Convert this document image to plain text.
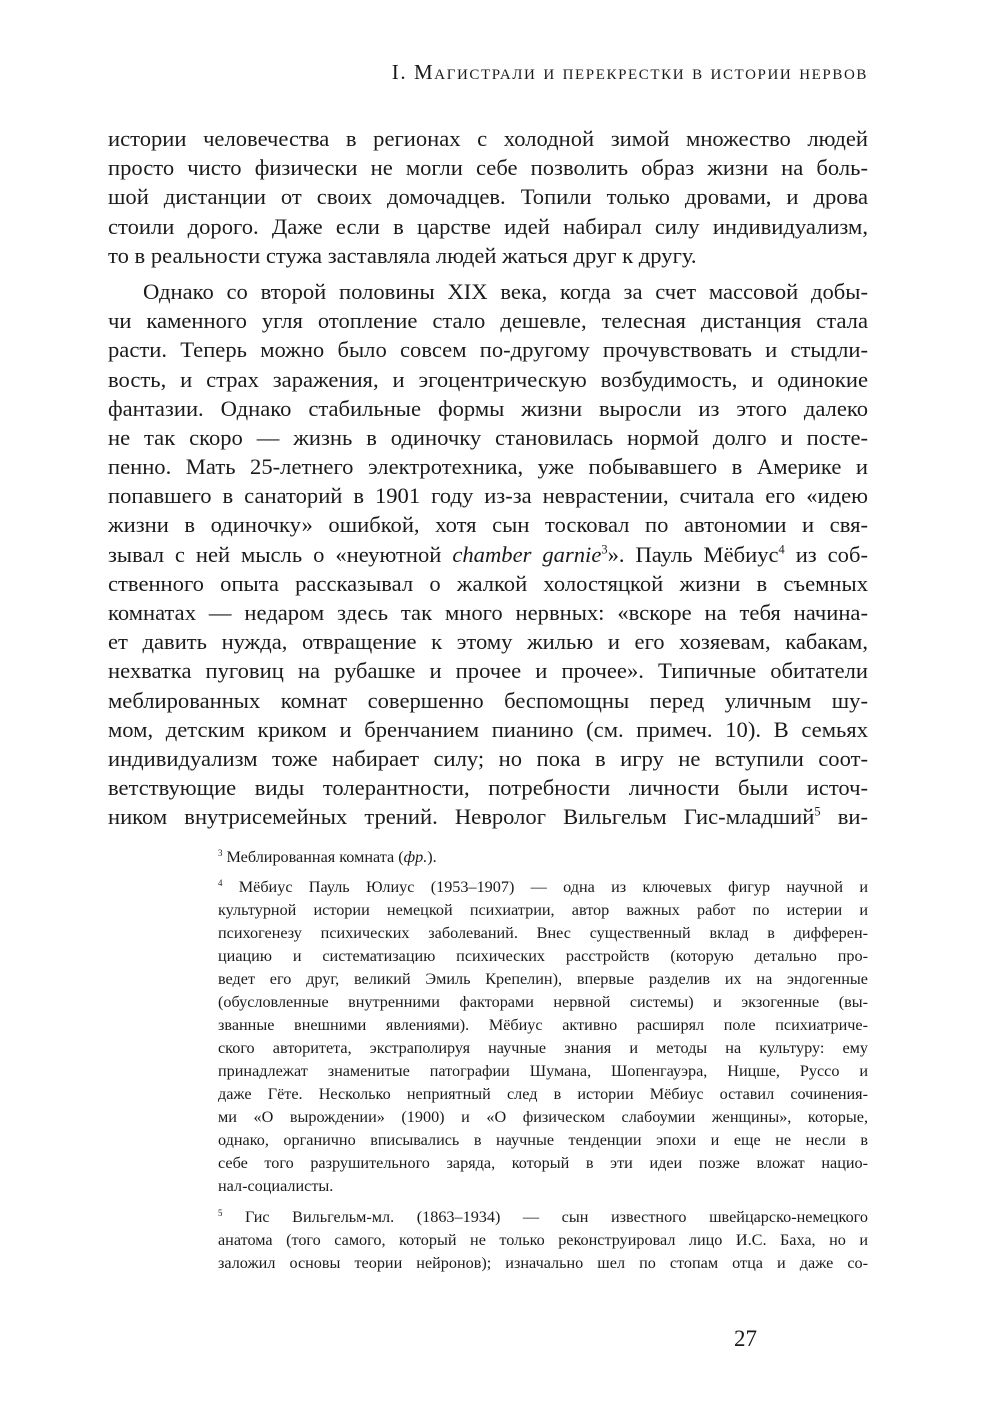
I. Магистрали и перекрестки в истории нервов
истории человечества в регионах с холодной зимой множество людей
просто чисто физически не могли себе позволить образ жизни на боль-
шой дистанции от своих домочадцев. Топили только дровами, и дрова
стоили дорого. Даже если в царстве идей набирал силу индивидуализм,
то в реальности стужа заставляла людей жаться друг к другу.
Однако со второй половины XIX века, когда за счет массовой добы-
чи каменного угля отопление стало дешевле, телесная дистанция стала
расти. Теперь можно было совсем по-другому прочувствовать и стыдли-
вость, и страх заражения, и эгоцентрическую возбудимость, и одинокие
фантазии. Однако стабильные формы жизни выросли из этого далеко
не так скоро — жизнь в одиночку становилась нормой долго и посте-
пенно. Мать 25-летнего электротехника, уже побывавшего в Америке и
попавшего в санаторий в 1901 году из-за неврастении, считала его «идею
жизни в одиночку» ошибкой, хотя сын тосковал по автономии и свя-
зывал с ней мысль о «неуютной chamber garnie$^3$». Пауль Мёбиус$^4$ из соб-
ственного опыта рассказывал о жалкой холостяцкой жизни в съемных
комнатах — недаром здесь так много нервных: «вскоре на тебя начина-
ет давить нужда, отвращение к этому жилью и его хозяевам, кабакам,
нехватка пуговиц на рубашке и прочее и прочее». Типичные обитатели
меблированных комнат совершенно беспомощны перед уличным шу-
мом, детским криком и бренчанием пианино (см. примеч. 10). В семьях
индивидуализм тоже набирает силу; но пока в игру не вступили соот-
ветствующие виды толерантности, потребности личности были источ-
ником внутрисемейных трений. Невролог Вильгельм Гис-младший$^5$ ви-
$^3$ Меблированная комната (фр.).
$^4$ Мёбиус Пауль Юлиус (1953–1907) — одна из ключевых фигур научной и
культурной истории немецкой психиатрии, автор важных работ по истерии и
психогенезу психических заболеваний. Внес существенный вклад в дифферен-
циацию и систематизацию психических расстройств (которую детально про-
ведет его друг, великий Эмиль Крепелин), впервые разделив их на эндогенные
(обусловленные внутренними факторами нервной системы) и экзогенные (вы-
званные внешними явлениями). Мёбиус активно расширял поле психиатриче-
ского авторитета, экстраполируя научные знания и методы на культуру: ему
принадлежат знаменитые патографии Шумана, Шопенгауэра, Ницше, Руссо и
даже Гёте. Несколько неприятный след в истории Мёбиус оставил сочинения-
ми «О вырождении» (1900) и «О физическом слабоумии женщины», которые,
однако, органично вписывались в научные тенденции эпохи и еще не несли в
себе того разрушительного заряда, который в эти идеи позже вложат нацио-
нал-социалисты.
$^5$ Гис Вильгельм-мл. (1863–1934) — сын известного швейцарско-немецкого
анатома (того самого, который не только реконструировал лицо И.С. Баха, но и
заложил основы теории нейронов); изначально шел по стопам отца и даже со-
27
